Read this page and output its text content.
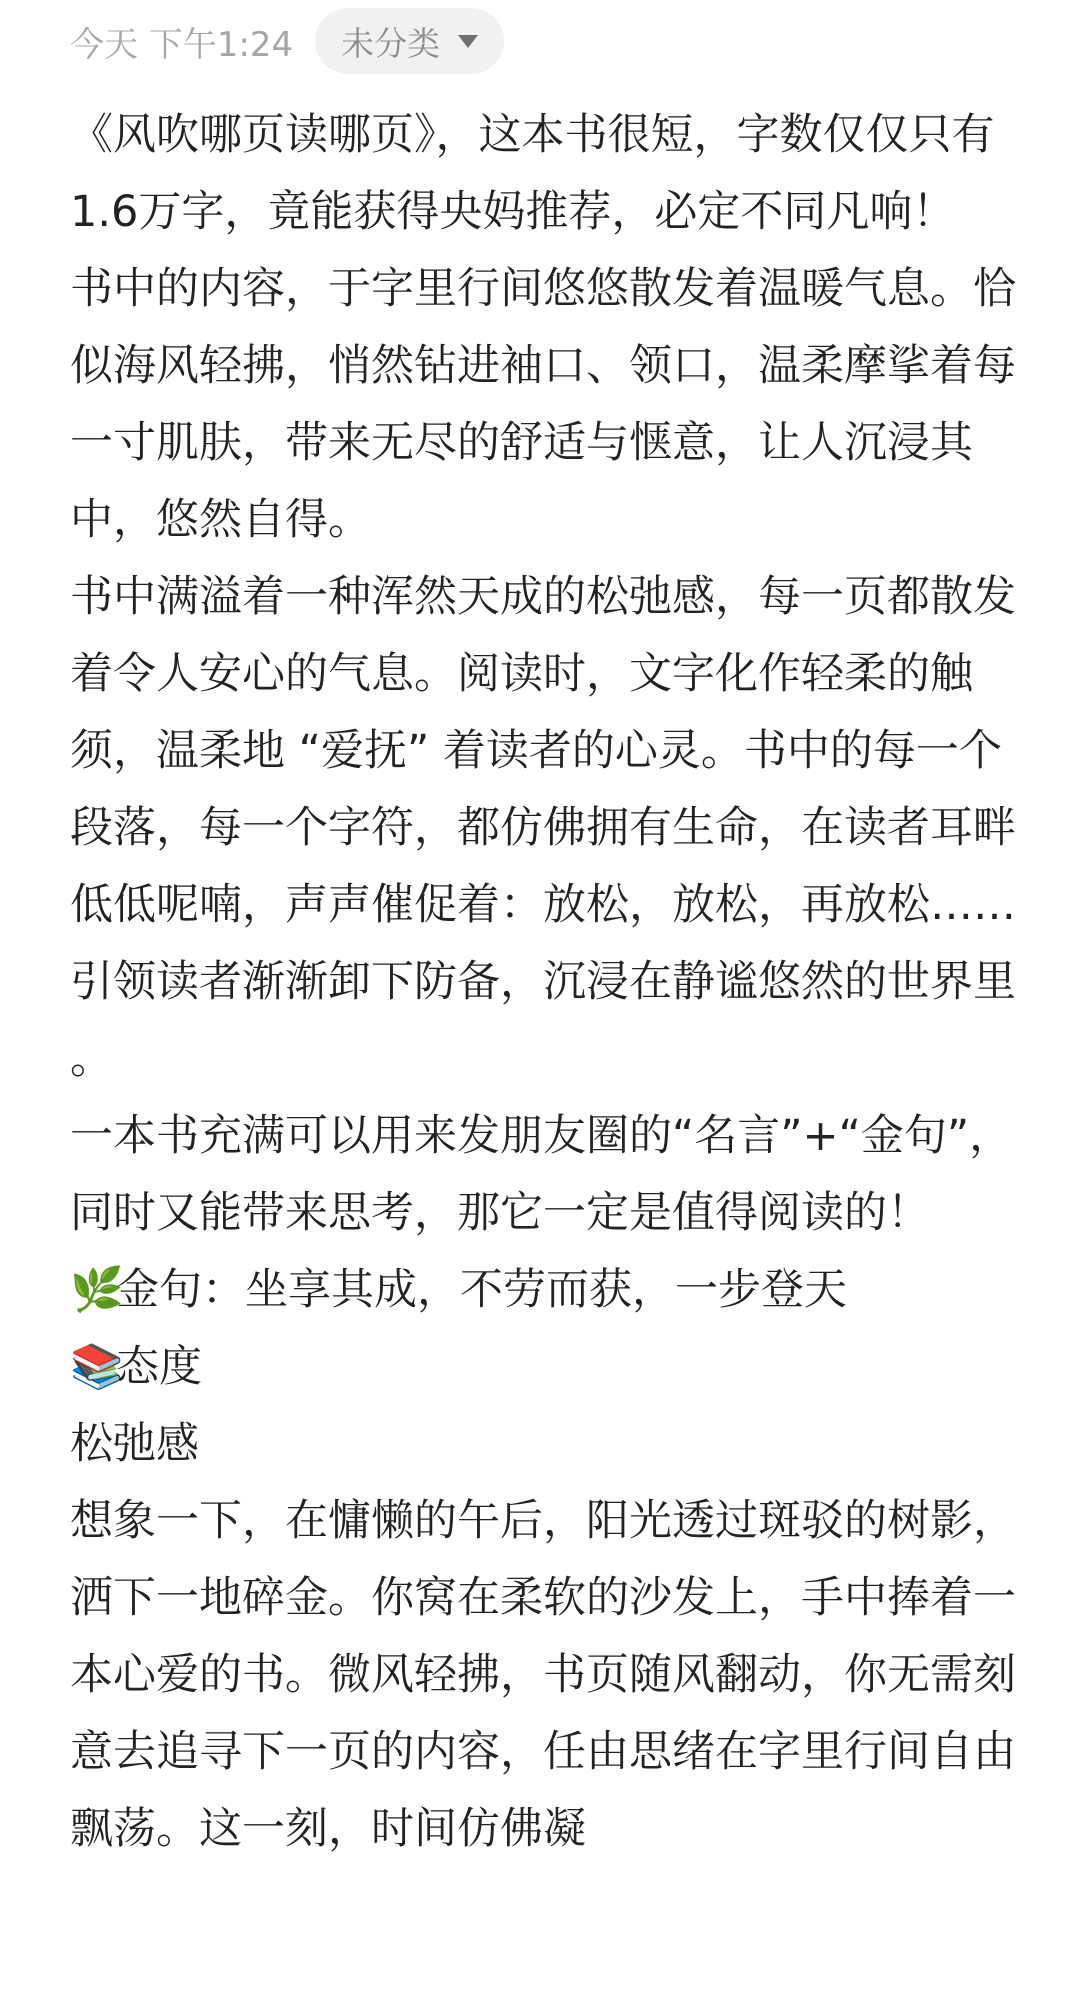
今天 下午1:24 未分类

《风吹哪页读哪页》，这本书很短，字数仅仅只有1.6万字，竟能获得央妈推荐，必定不同凡响！

书中的内容，于字里行间悠悠散发着温暖气息。恰似海风轻拂，悄然钻进袖口、领口，温柔摩挲着每一寸肌肤，带来无尽的舒适与惬意，让人沉浸其中，悠然自得。

书中满溢着一种浑然天成的松弛感，每一页都散发着令人安心的气息。阅读时，文字化作轻柔的触须，温柔地 “爱抚” 着读者的心灵。书中的每一个段落，每一个字符，都仿佛拥有生命，在读者耳畔低低呢喃，声声催促着：放松，放松，再放松…… 引领读者渐渐卸下防备，沉浸在静谧悠然的世界里 。

一本书充满可以用来发朋友圈的“名言”+“金句”，同时又能带来思考，那它一定是值得阅读的！

🌿金句：坐享其成，不劳而获，一步登天

📚态度

松弛感

想象一下，在慵懒的午后，阳光透过斑驳的树影，洒下一地碎金。你窝在柔软的沙发上，手中捧着一本心爱的书。微风轻拂，书页随风翻动，你无需刻意去追寻下一页的内容，任由思绪在字里行间自由飘荡。这一刻，时间仿佛凝
